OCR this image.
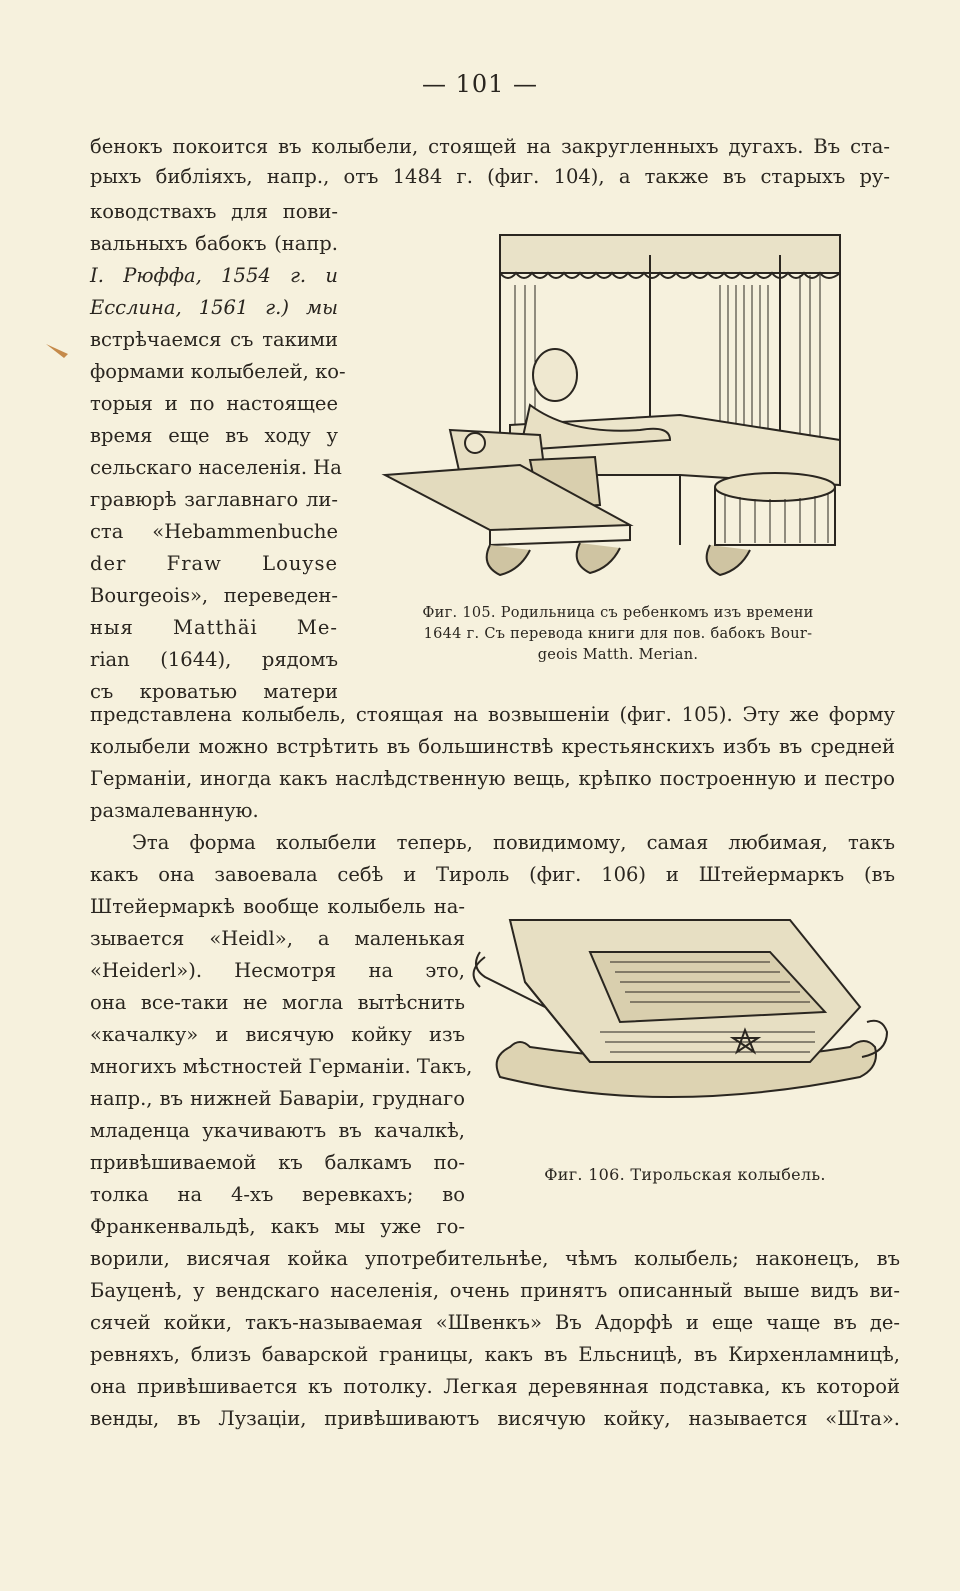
— 101 —
бенокъ покоится въ колыбели, стоящей на закругленныхъ дугахъ. Въ ста-
рыхъ библіяхъ, напр., отъ 1484 г. (фиг. 104), а также въ старыхъ ру-
ководствахъ для пови-
вальныхъ бабокъ (напр.
I. Рюффа, 1554 г. и
Есслина, 1561 г.) мы
встрѣчаемся съ такими
формами колыбелей, ко-
торыя и по настоящее
время еще въ ходу у
сельскаго населенія. На
гравюрѣ заглавнаго ли-
ста «Hebammenbuche
der Fraw Louyse
Bourgeois», переведен-
ныя Matthäi Me-
rian (1644), рядомъ
съ кроватью матери
Фиг. 105. Родильница съ ребенкомъ изъ времени
1644 г. Съ перевода книги для пов. бабокъ Bour-
geois Matth. Merian.
представлена колыбель, стоящая на возвышеніи (фиг. 105). Эту же форму
колыбели можно встрѣтить въ большинствѣ крестьянскихъ избъ въ средней
Германіи, иногда какъ наслѣдственную вещь, крѣпко построенную и пестро
размалеванную.
Эта форма колыбели теперь, повидимому, самая любимая, такъ
какъ она завоевала себѣ и Тироль (фиг. 106) и Штейермаркъ (въ
Штейермаркѣ вообще колыбель на-
зывается «Heidl», а маленькая
«Heiderl»). Несмотря на это,
она все-таки не могла вытѣснить
«качалку» и висячую койку изъ
многихъ мѣстностей Германіи. Такъ,
напр., въ нижней Баваріи, груднаго
младенца укачиваютъ въ качалкѣ,
привѣшиваемой къ балкамъ по-
толка на 4-хъ веревкахъ; во
Франкенвальдѣ, какъ мы уже го-
Фиг. 106. Тирольская колыбель.
ворили, висячая койка употребительнѣе, чѣмъ колыбель; наконецъ, въ
Бауценѣ, у вендскаго населенія, очень принятъ описанный выше видъ ви-
сячей койки, такъ-называемая «Швенкъ» Въ Адорфѣ и еще чаще въ де-
ревняхъ, близъ баварской границы, какъ въ Ельсницѣ, въ Кирхенламницѣ,
она привѣшивается къ потолку. Легкая деревянная подставка, къ которой
венды, въ Лузаціи, привѣшиваютъ висячую койку, называется «Шта».
